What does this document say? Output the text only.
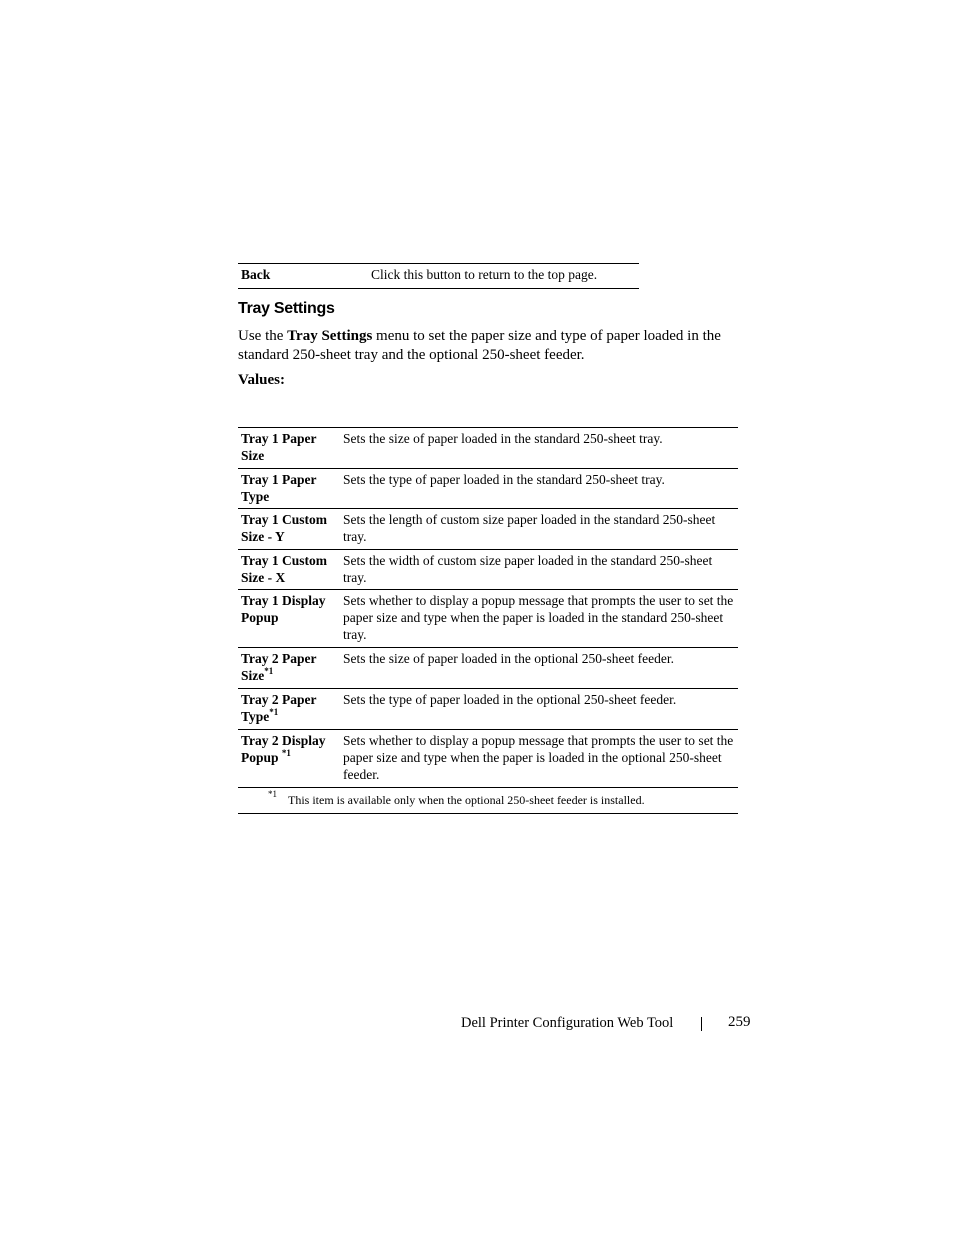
Back	Click this button to return to the top page.
Tray Settings

Use the Tray Settings menu to set the paper size and type of paper loaded in the standard 250-sheet tray and the optional 250-sheet feeder.

Values:
Tray 1 Paper Size
Sets the size of paper loaded in the standard 250-sheet tray.
Tray 1 Paper Type
Sets the type of paper loaded in the standard 250-sheet tray.
Tray 1 Custom Size - Y
Sets the length of custom size paper loaded in the standard 250-sheet tray.
Tray 1 Custom Size - X
Sets the width of custom size paper loaded in the standard 250-sheet tray.
Tray 1 Display Popup
Sets whether to display a popup message that prompts the user to set the paper size and type when the paper is loaded in the standard 250-sheet tray.
Tray 2 Paper Size$^{*1}$
Sets the size of paper loaded in the optional 250-sheet feeder.
Tray 2 Paper Type$^{*1}$
Sets the type of paper loaded in the optional 250-sheet feeder.
Tray 2 Display Popup $^{*1}$
Sets whether to display a popup message that prompts the user to set the paper size and type when the paper is loaded in the optional 250-sheet feeder.
*1 This item is available only when the optional 250-sheet feeder is installed.
Dell Printer Configuration Web Tool	259
